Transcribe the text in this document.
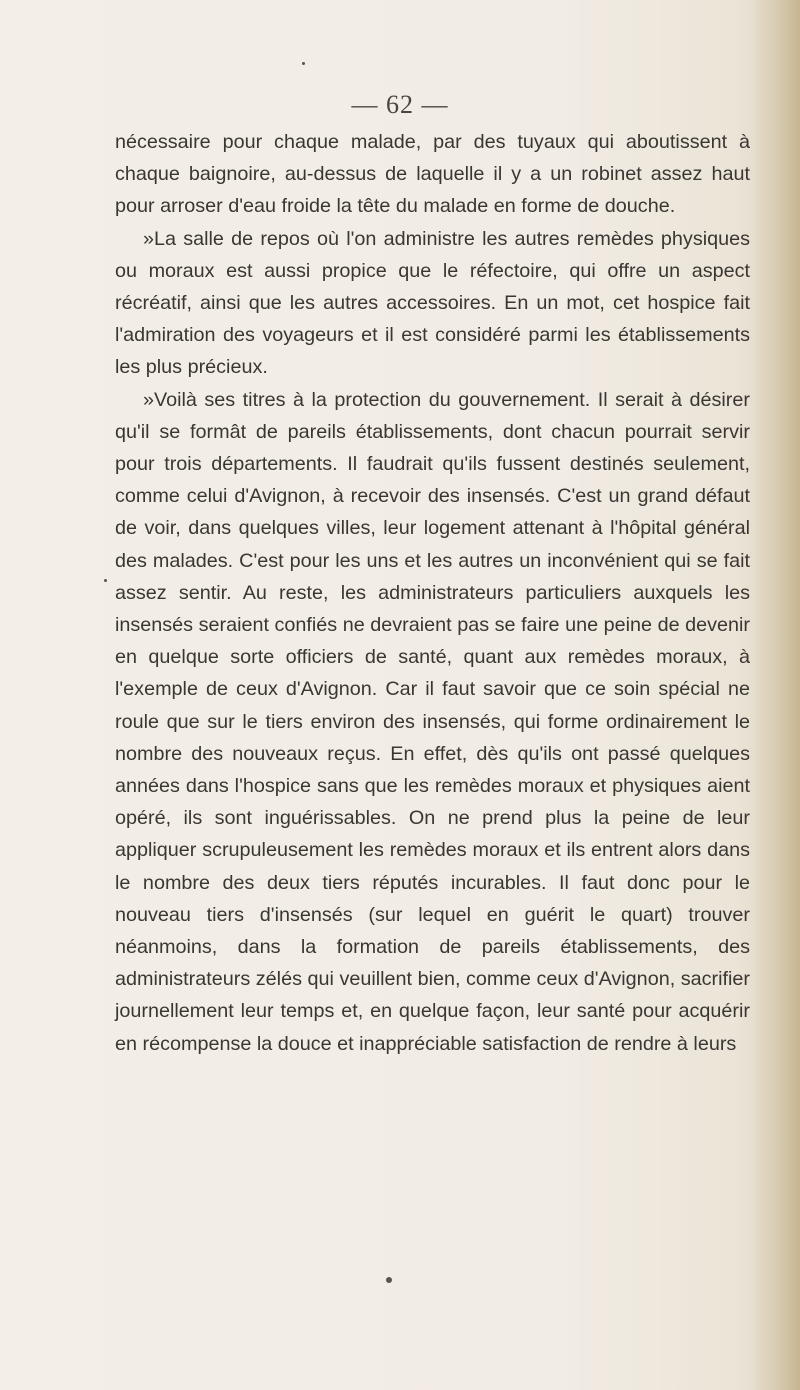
— 62 —

nécessaire pour chaque malade, par des tuyaux qui aboutissent à chaque baignoire, au-dessus de laquelle il y a un robinet assez haut pour arroser d'eau froide la tête du malade en forme de douche.

»La salle de repos où l'on administre les autres remèdes physiques ou moraux est aussi propice que le réfectoire, qui offre un aspect récréatif, ainsi que les autres accessoires. En un mot, cet hospice fait l'admiration des voyageurs et il est considéré parmi les établissements les plus précieux.

»Voilà ses titres à la protection du gouvernement. Il serait à désirer qu'il se formât de pareils établissements, dont chacun pourrait servir pour trois départements. Il faudrait qu'ils fussent destinés seulement, comme celui d'Avignon, à recevoir des insensés. C'est un grand défaut de voir, dans quelques villes, leur logement attenant à l'hôpital général des malades. C'est pour les uns et les autres un inconvénient qui se fait assez sentir. Au reste, les administrateurs particuliers auxquels les insensés seraient confiés ne devraient pas se faire une peine de devenir en quelque sorte officiers de santé, quant aux remèdes moraux, à l'exemple de ceux d'Avignon. Car il faut savoir que ce soin spécial ne roule que sur le tiers environ des insensés, qui forme ordinairement le nombre des nouveaux reçus. En effet, dès qu'ils ont passé quelques années dans l'hospice sans que les remèdes moraux et physiques aient opéré, ils sont inguérissables. On ne prend plus la peine de leur appliquer scrupuleusement les remèdes moraux et ils entrent alors dans le nombre des deux tiers réputés incurables. Il faut donc pour le nouveau tiers d'insensés (sur lequel en guérit le quart) trouver néanmoins, dans la formation de pareils établissements, des administrateurs zélés qui veuillent bien, comme ceux d'Avignon, sacrifier journellement leur temps et, en quelque façon, leur santé pour acquérir en récompense la douce et inappréciable satisfaction de rendre à leurs
